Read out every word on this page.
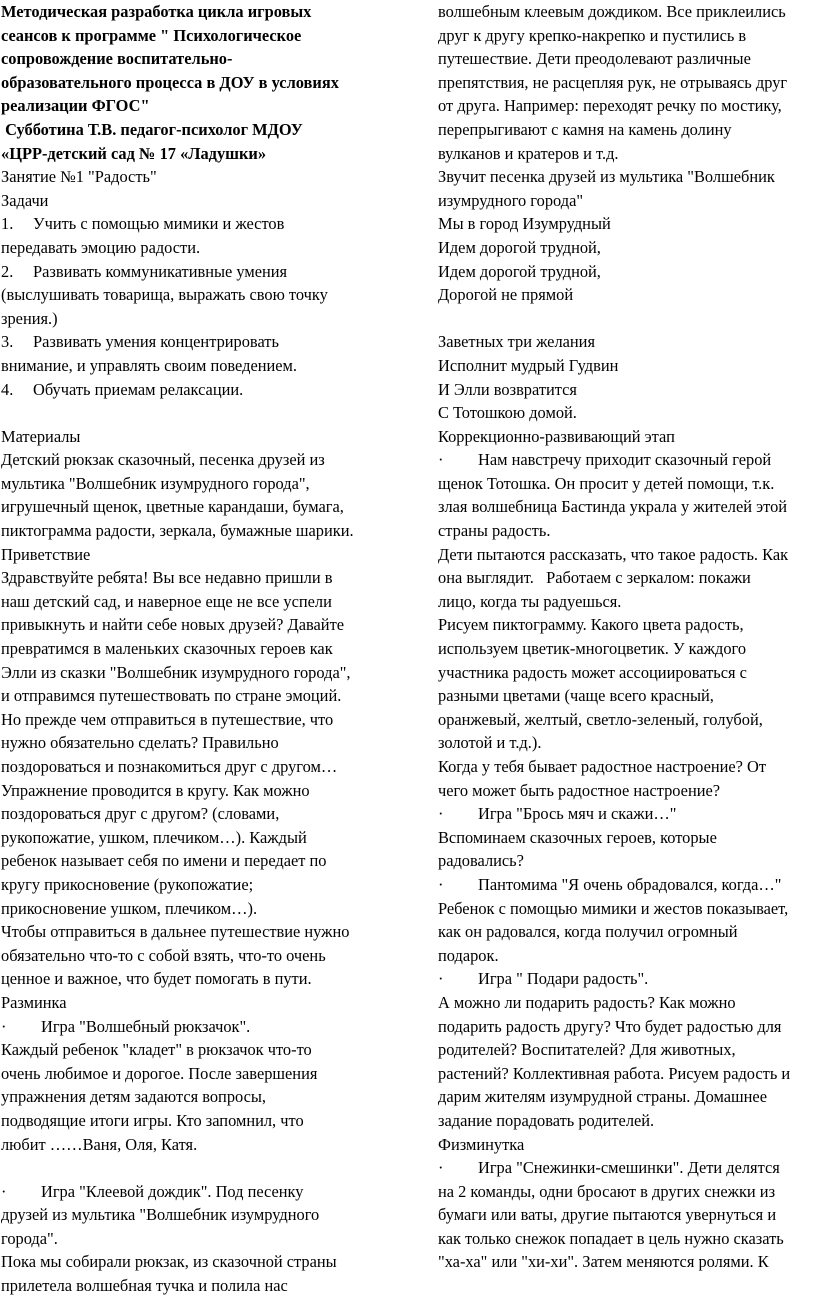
Методическая разработка цикла игровых
сеансов к программе " Психологическое
сопровождение воспитательно-
образовательного процесса в ДОУ в условиях
реализации ФГОС"
Субботина Т.В. педагог-психолог МДОУ
«ЦРР-детский сад № 17 «Ладушки»
Занятие №1 "Радость"
Задачи
1. Учить с помощью мимики и жестов
передавать эмоцию радости.
2. Развивать коммуникативные умения
(выслушивать товарища, выражать свою точку
зрения.)
3. Развивать умения концентрировать
внимание, и управлять своим поведением.
4. Обучать приемам релаксации.
Материалы
Детский рюкзак сказочный, песенка друзей из
мультика "Волшебник изумрудного города",
игрушечный щенок, цветные карандаши, бумага,
пиктограмма радости, зеркала, бумажные шарики.
Приветствие
Здравствуйте ребята! Вы все недавно пришли в
наш детский сад, и наверное еще не все успели
привыкнуть и найти себе новых друзей? Давайте
превратимся в маленьких сказочных героев как
Элли из сказки "Волшебник изумрудного города",
и отправимся путешествовать по стране эмоций.
Но прежде чем отправиться в путешествие, что
нужно обязательно сделать? Правильно
поздороваться и познакомиться друг с другом…
Упражнение проводится в кругу. Как можно
поздороваться друг с другом? (словами,
рукопожатие, ушком, плечиком…). Каждый
ребенок называет себя по имени и передает по
кругу прикосновение (рукопожатие;
прикосновение ушком, плечиком…).
Чтобы отправиться в дальнее путешествие нужно
обязательно что-то с собой взять, что-то очень
ценное и важное, что будет помогать в пути.
Разминка
· Игра "Волшебный рюкзачок".
Каждый ребенок "кладет" в рюкзачок что-то
очень любимое и дорогое. После завершения
упражнения детям задаются вопросы,
подводящие итоги игры. Кто запомнил, что
любит ……Ваня, Оля, Катя.
· Игра "Клеевой дождик". Под песенку
друзей из мультика "Волшебник изумрудного
города".
Пока мы собирали рюкзак, из сказочной страны
прилетела волшебная тучка и полила нас
волшебным клеевым дождиком. Все приклеились
друг к другу крепко-накрепко и пустились в
путешествие. Дети преодолевают различные
препятствия, не расцепляя рук, не отрываясь друг
от друга. Например: переходят речку по мостику,
перепрыгивают с камня на камень долину
вулканов и кратеров и т.д.
Звучит песенка друзей из мультика "Волшебник
изумрудного города"
Мы в город Изумрудный
Идем дорогой трудной,
Идем дорогой трудной,
Дорогой не прямой
Заветных три желания
Исполнит мудрый Гудвин
И Элли возвратится
С Тотошкою домой.
Коррекционно-развивающий этап
· Нам навстречу приходит сказочный герой
щенок Тотошка. Он просит у детей помощи, т.к.
злая волшебница Бастинда украла у жителей этой
страны радость.
Дети пытаются рассказать, что такое радость. Как
она выглядит.   Работаем с зеркалом: покажи
лицо, когда ты радуешься.
Рисуем пиктограмму. Какого цвета радость,
используем цветик-многоцветик. У каждого
участника радость может ассоциироваться с
разными цветами (чаще всего красный,
оранжевый, желтый, светло-зеленый, голубой,
золотой и т.д.).
Когда у тебя бывает радостное настроение? От
чего может быть радостное настроение?
· Игра "Брось мяч и скажи…"
Вспоминаем сказочных героев, которые
радовались?
· Пантомима "Я очень обрадовался, когда…"
Ребенок с помощью мимики и жестов показывает,
как он радовался, когда получил огромный
подарок.
· Игра " Подари радость".
А можно ли подарить радость? Как можно
подарить радость другу? Что будет радостью для
родителей? Воспитателей? Для животных,
растений? Коллективная работа. Рисуем радость и
дарим жителям изумрудной страны. Домашнее
задание порадовать родителей.
Физминутка
· Игра "Снежинки-смешинки". Дети делятся
на 2 команды, одни бросают в других снежки из
бумаги или ваты, другие пытаются увернуться и
как только снежок попадает в цель нужно сказать
"ха-ха" или "хи-хи". Затем меняются ролями. К
